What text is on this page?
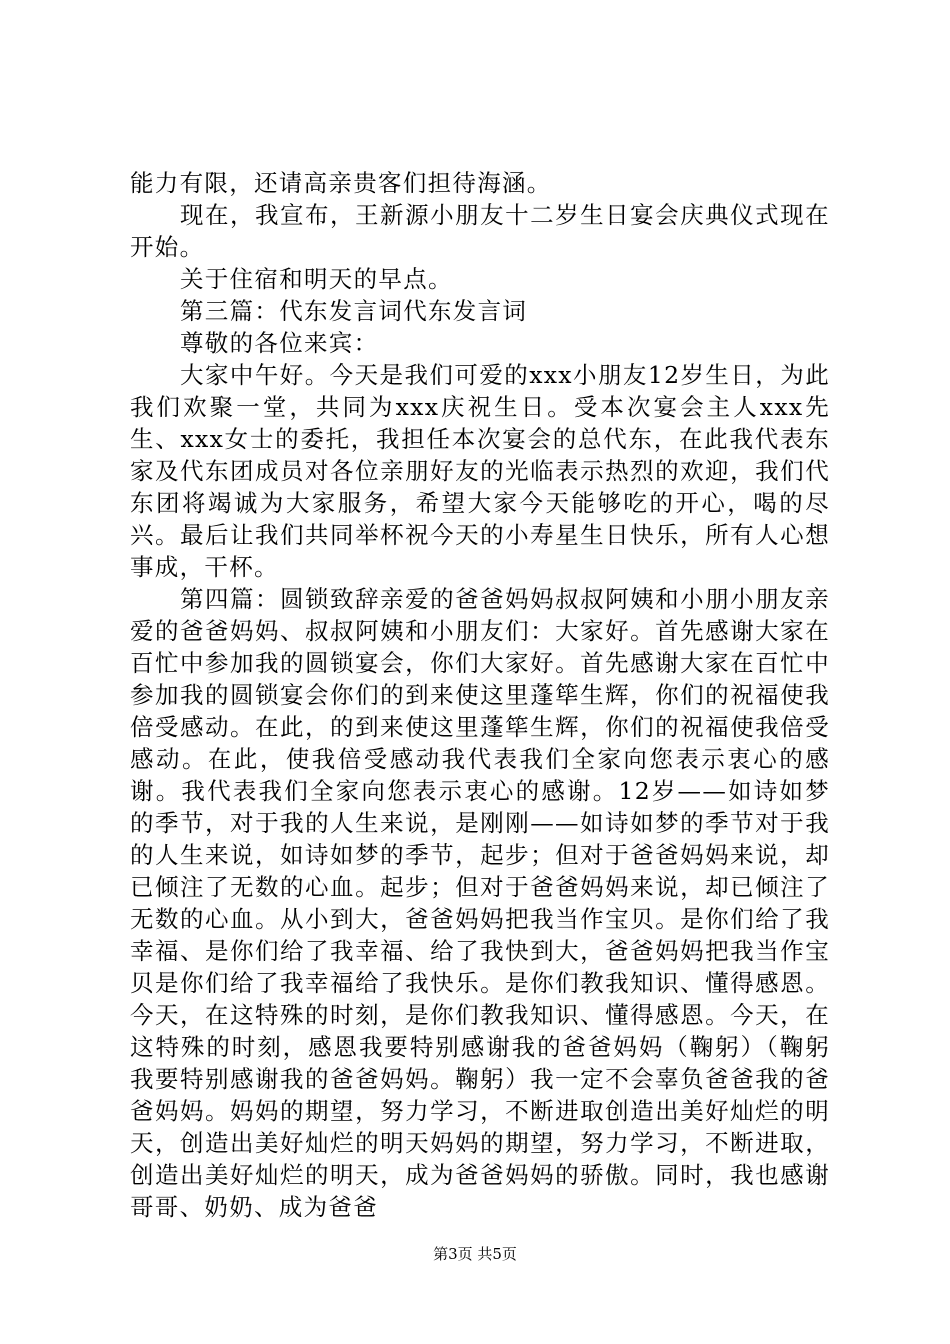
能力有限，还请高亲贵客们担待海涵。

现在，我宣布，王新源小朋友十二岁生日宴会庆典仪式现在开始。

关于住宿和明天的早点。

第三篇：代东发言词代东发言词

尊敬的各位来宾：

大家中午好。今天是我们可爱的xxx小朋友12岁生日，为此我们欢聚一堂，共同为xxx庆祝生日。受本次宴会主人xxx先生、xxx女士的委托，我担任本次宴会的总代东，在此我代表东家及代东团成员对各位亲朋好友的光临表示热烈的欢迎，我们代东团将竭诚为大家服务，希望大家今天能够吃的开心，喝的尽兴。最后让我们共同举杯祝今天的小寿星生日快乐，所有人心想事成，干杯。

第四篇：圆锁致辞亲爱的爸爸妈妈叔叔阿姨和小朋小朋友亲爱的爸爸妈妈、叔叔阿姨和小朋友们：大家好。首先感谢大家在百忙中参加我的圆锁宴会，你们大家好。首先感谢大家在百忙中参加我的圆锁宴会你们的到来使这里蓬筚生辉，你们的祝福使我倍受感动。在此，的到来使这里蓬筚生辉，你们的祝福使我倍受感动。在此，使我倍受感动我代表我们全家向您表示衷心的感谢。我代表我们全家向您表示衷心的感谢。12岁——如诗如梦的季节，对于我的人生来说，是刚刚——如诗如梦的季节对于我的人生来说，如诗如梦的季节，起步；但对于爸爸妈妈来说，却已倾注了无数的心血。起步；但对于爸爸妈妈来说，却已倾注了无数的心血。从小到大，爸爸妈妈把我当作宝贝。是你们给了我幸福、是你们给了我幸福、给了我快到大，爸爸妈妈把我当作宝贝是你们给了我幸福给了我快乐。是你们教我知识、懂得感恩。今天，在这特殊的时刻，是你们教我知识、懂得感恩。今天，在这特殊的时刻，感恩我要特别感谢我的爸爸妈妈（鞠躬）（鞠躬我要特别感谢我的爸爸妈妈。鞠躬）我一定不会辜负爸爸我的爸爸妈妈。妈妈的期望，努力学习，不断进取创造出美好灿烂的明天，创造出美好灿烂的明天妈妈的期望，努力学习，不断进取，创造出美好灿烂的明天，成为爸爸妈妈的骄傲。同时，我也感谢哥哥、奶奶、成为爸爸

第3页 共5页
